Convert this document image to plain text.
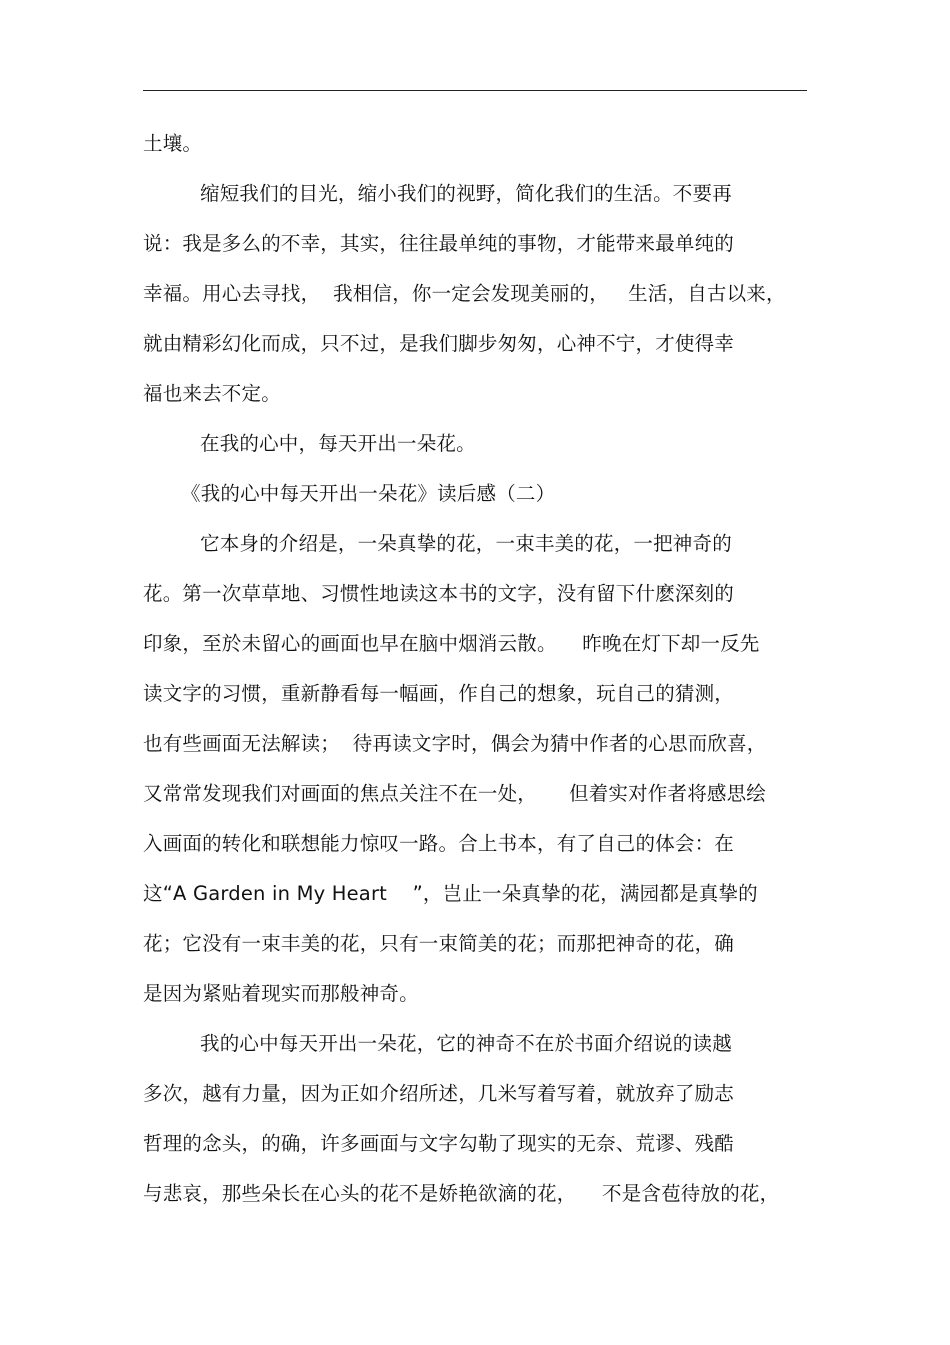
土壤。
缩短我们的目光，缩小我们的视野，简化我们的生活。不要再
说：我是多么的不幸，其实，往往最单纯的事物，才能带来最单纯的
幸福。用心去寻找，  我相信，你一定会发现美丽的，   生活，自古以来，
就由精彩幻化而成，只不过，是我们脚步匆匆，心神不宁，才使得幸
福也来去不定。
在我的心中，每天开出一朵花。
《我的心中每天开出一朵花》读后感（二）
它本身的介绍是，一朵真挚的花，一束丰美的花，一把神奇的
花。第一次草草地、习惯性地读这本书的文字，没有留下什麽深刻的
印象，至於未留心的画面也早在脑中烟消云散。    昨晚在灯下却一反先
读文字的习惯，重新静看每一幅画，作自己的想象，玩自己的猜测，
也有些画面无法解读；  待再读文字时，偶会为猜中作者的心思而欣喜，
又常常发现我们对画面的焦点关注不在一处，     但着实对作者将感思绘
入画面的转化和联想能力惊叹一路。合上书本，有了自己的体会：在
这“A Garden in My Heart    ”，岂止一朵真挚的花，满园都是真挚的
花；它没有一束丰美的花，只有一束简美的花；而那把神奇的花，确
是因为紧贴着现实而那般神奇。
我的心中每天开出一朵花，它的神奇不在於书面介绍说的读越
多次，越有力量，因为正如介绍所述，几米写着写着，就放弃了励志
哲理的念头，的确，许多画面与文字勾勒了现实的无奈、荒谬、残酷
与悲哀，那些朵长在心头的花不是娇艳欲滴的花，    不是含苞待放的花，
